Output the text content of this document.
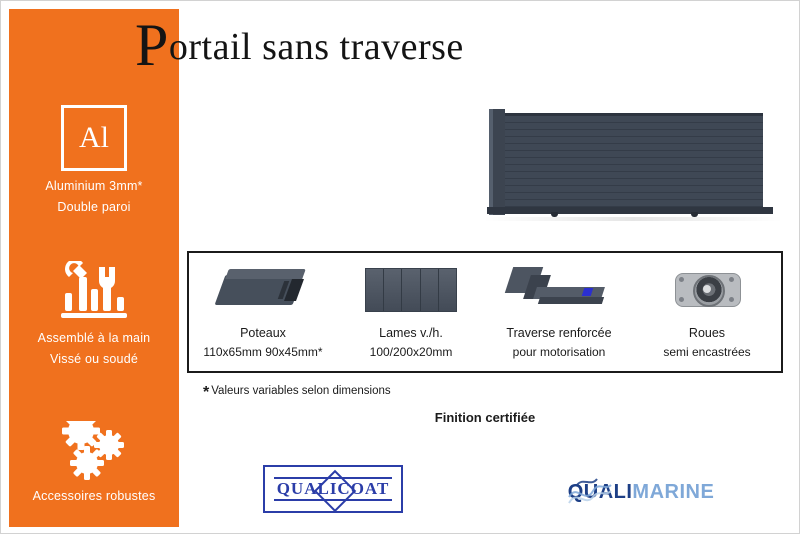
Al
Aluminium 3mm*
Double paroi
Assemblé à la main
Vissé ou soudé
Accessoires robustes
Portail sans traverse
Poteaux
110x65mm 90x45mm*
Lames v./h.
100/200x20mm
Traverse renforcée
pour motorisation
Roues
semi encastrées
* Valeurs variables selon dimensions
Finition certifiée
QUALICOAT	QUALIMARINE
